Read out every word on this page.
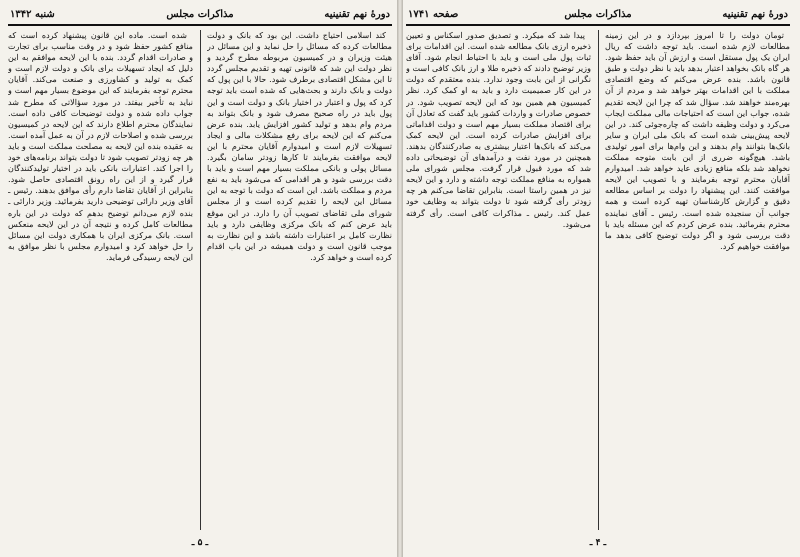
دورهٔ نهم تقنینیه
مذاکرات مجلس
شنبه ۱۳۴۲

کند اسلامی احتیاج داشت. این بود که بانک و دولت مطالعات کرده که مسائل را حل نماید و این مسائل در هیئت وزیران و در کمیسیون مربوطه مطرح گردید و نظر دولت این شد که قانونی تهیه و تقدیم مجلس گردد تا این مشکل اقتصادی برطرف شود. حالا با این پول که دولت و بانک دارند و بحث‌هایی که شده است باید توجه کرد که پول و اعتبار در اختیار بانک و دولت است و این پول باید در راه صحیح مصرف شود و بانک بتواند به مردم وام بدهد و تولید کشور افزایش یابد. بنده عرض می‌کنم که این لایحه برای رفع مشکلات مالی و ایجاد تسهیلات لازم است و امیدوارم آقایان محترم با این لایحه موافقت بفرمایند تا کارها زودتر سامان بگیرد. مسائل پولی و بانکی مملکت بسیار مهم است و باید با دقت بررسی شود و هر اقدامی که می‌شود باید به نفع مردم و مملکت باشد. این است که دولت با توجه به این مسائل این لایحه را تقدیم کرده است و از مجلس شورای ملی تقاضای تصویب آن را دارد. در این موقع باید عرض کنم که بانک مرکزی وظایفی دارد و باید نظارت کامل بر اعتبارات داشته باشد و این نظارت به موجب قانون است و دولت همیشه در این باب اقدام کرده است و خواهد کرد.

شده است. ماده این قانون پیشنهاد کرده است که منافع کشور حفظ شود و در وقت مناسب برای تجارت و صادرات اقدام گردد. بنده با این لایحه موافقم به این دلیل که ایجاد تسهیلات برای بانک و دولت لازم است و کمک به تولید و کشاورزی و صنعت می‌کند. آقایان محترم توجه بفرمایند که این موضوع بسیار مهم است و نباید به تأخیر بیفتد. در مورد سؤالاتی که مطرح شد جواب داده شده و دولت توضیحات کافی داده است. نمایندگان محترم اطلاع دارند که این لایحه در کمیسیون بررسی شده و اصلاحات لازم در آن به عمل آمده است. به عقیده بنده این لایحه به مصلحت مملکت است و باید هر چه زودتر تصویب شود تا دولت بتواند برنامه‌های خود را اجرا کند. اعتبارات بانکی باید در اختیار تولیدکنندگان قرار گیرد و از این راه رونق اقتصادی حاصل شود. بنابراین از آقایان تقاضا دارم رأی موافق بدهند. رئیس ـ آقای وزیر دارائی توضیحی دارید بفرمائید. وزیر دارائی ـ بنده لازم می‌دانم توضیح بدهم که دولت در این باره مطالعات کامل کرده و نتیجه آن در این لایحه منعکس است. بانک مرکزی ایران با همکاری دولت این مسائل را حل خواهد کرد و امیدوارم مجلس با نظر موافق به این لایحه رسیدگی فرماید.

ـ ۵ ـ
دورهٔ نهم تقنینیه
مذاکرات مجلس
صفحه ۱۷۴۱

تومان دولت را تا امروز بپردازد و در این زمینه مطالعات لازم شده است. باید توجه داشت که ریال ایران یک پول مستقل است و ارزش آن باید حفظ شود. هر گاه بانک بخواهد اعتبار بدهد باید با نظر دولت و طبق قانون باشد. بنده عرض می‌کنم که وضع اقتصادی مملکت با این اقدامات بهتر خواهد شد و مردم از آن بهره‌مند خواهند شد. سؤال شد که چرا این لایحه تقدیم شده، جواب این است که احتیاجات مالی مملکت ایجاب می‌کرد و دولت وظیفه داشت که چاره‌جوئی کند. در این لایحه پیش‌بینی شده است که بانک ملی ایران و سایر بانک‌ها بتوانند وام بدهند و این وام‌ها برای امور تولیدی باشد. هیچ‌گونه ضرری از این بابت متوجه مملکت نخواهد شد بلکه منافع زیادی عاید خواهد شد. امیدوارم آقایان محترم توجه بفرمایند و با تصویب این لایحه موافقت کنند. این پیشنهاد را دولت بر اساس مطالعه دقیق و گزارش کارشناسان تهیه کرده است و همه جوانب آن سنجیده شده است. رئیس ـ آقای نماینده محترم بفرمائید. بنده عرض کردم که این مسئله باید با دقت بررسی شود و اگر دولت توضیح کافی بدهد ما موافقت خواهیم کرد.

پیدا شد که میکرد. و تصدیق صدور اسکناس و تعیین ذخیره ارزی بانک مطالعه شده است. این اقدامات برای ثبات پول ملی است و باید با احتیاط انجام شود. آقای وزیر توضیح دادند که ذخیره طلا و ارز بانک کافی است و نگرانی از این بابت وجود ندارد. بنده معتقدم که دولت در این کار صمیمیت دارد و باید به او کمک کرد. نظر کمیسیون هم همین بود که این لایحه تصویب شود. در خصوص صادرات و واردات کشور باید گفت که تعادل آن برای اقتصاد مملکت بسیار مهم است و دولت اقداماتی برای افزایش صادرات کرده است. این لایحه کمک می‌کند که بانک‌ها اعتبار بیشتری به صادرکنندگان بدهند. همچنین در مورد نفت و درآمدهای آن توضیحاتی داده شد که مورد قبول قرار گرفت. مجلس شورای ملی همواره به منافع مملکت توجه داشته و دارد و این لایحه نیز در همین راستا است. بنابراین تقاضا می‌کنم هر چه زودتر رأی گرفته شود تا دولت بتواند به وظایف خود عمل کند. رئیس ـ مذاکرات کافی است. رأی گرفته می‌شود.

ـ ۴ ـ
